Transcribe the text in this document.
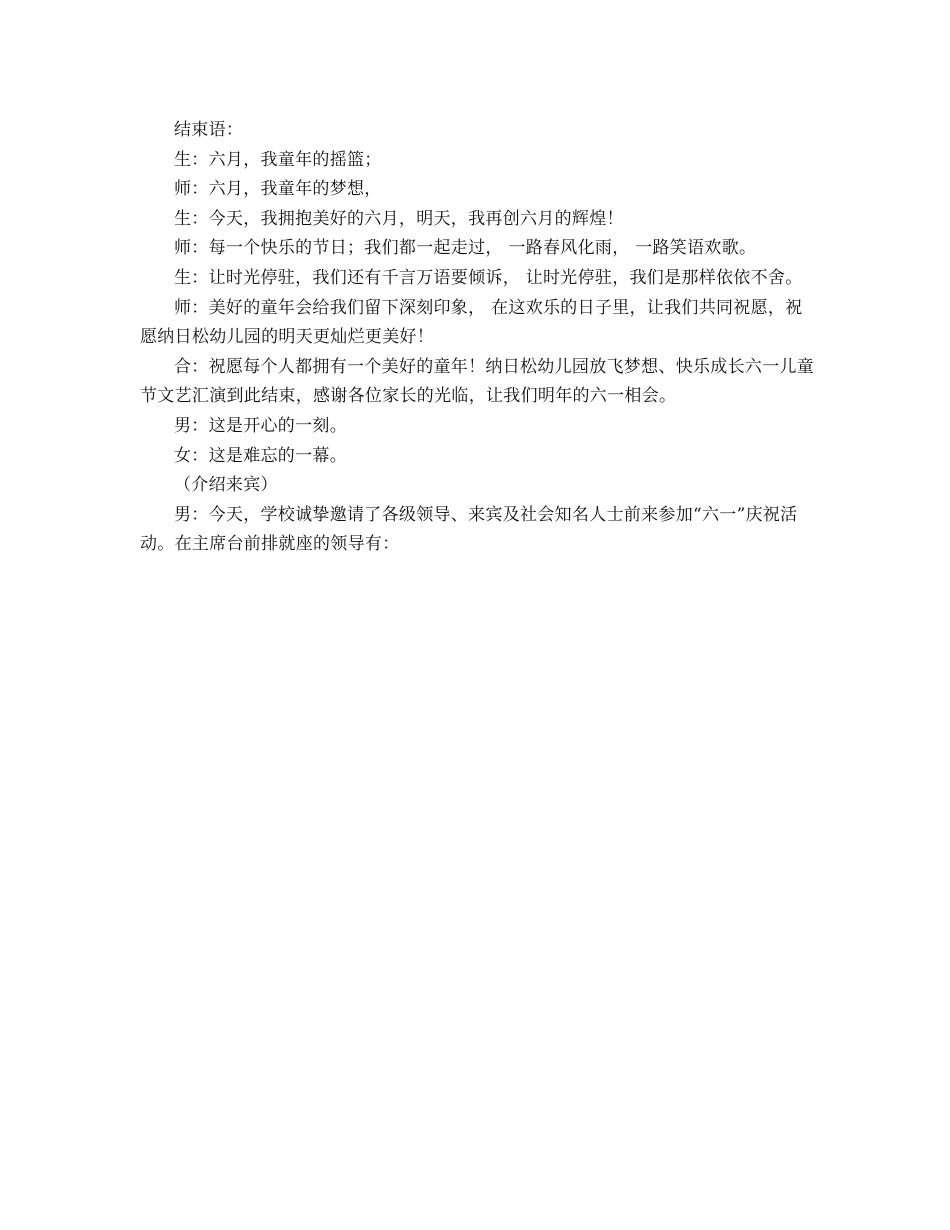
结束语：

生：六月，我童年的摇篮；

师：六月，我童年的梦想，

生：今天，我拥抱美好的六月，明天，我再创六月的辉煌！

师：每一个快乐的节日；我们都一起走过， 一路春风化雨， 一路笑语欢歌。

生：让时光停驻，我们还有千言万语要倾诉， 让时光停驻，我们是那样依依不舍。

师：美好的童年会给我们留下深刻印象， 在这欢乐的日子里，让我们共同祝愿，祝愿纳日松幼儿园的明天更灿烂更美好！

合：祝愿每个人都拥有一个美好的童年！纳日松幼儿园放飞梦想、快乐成长六一儿童节文艺汇演到此结束，感谢各位家长的光临，让我们明年的六一相会。

男：这是开心的一刻。

女：这是难忘的一幕。

（介绍来宾）

男：今天，学校诚挚邀请了各级领导、来宾及社会知名人士前来参加“六一”庆祝活动。在主席台前排就座的领导有：
